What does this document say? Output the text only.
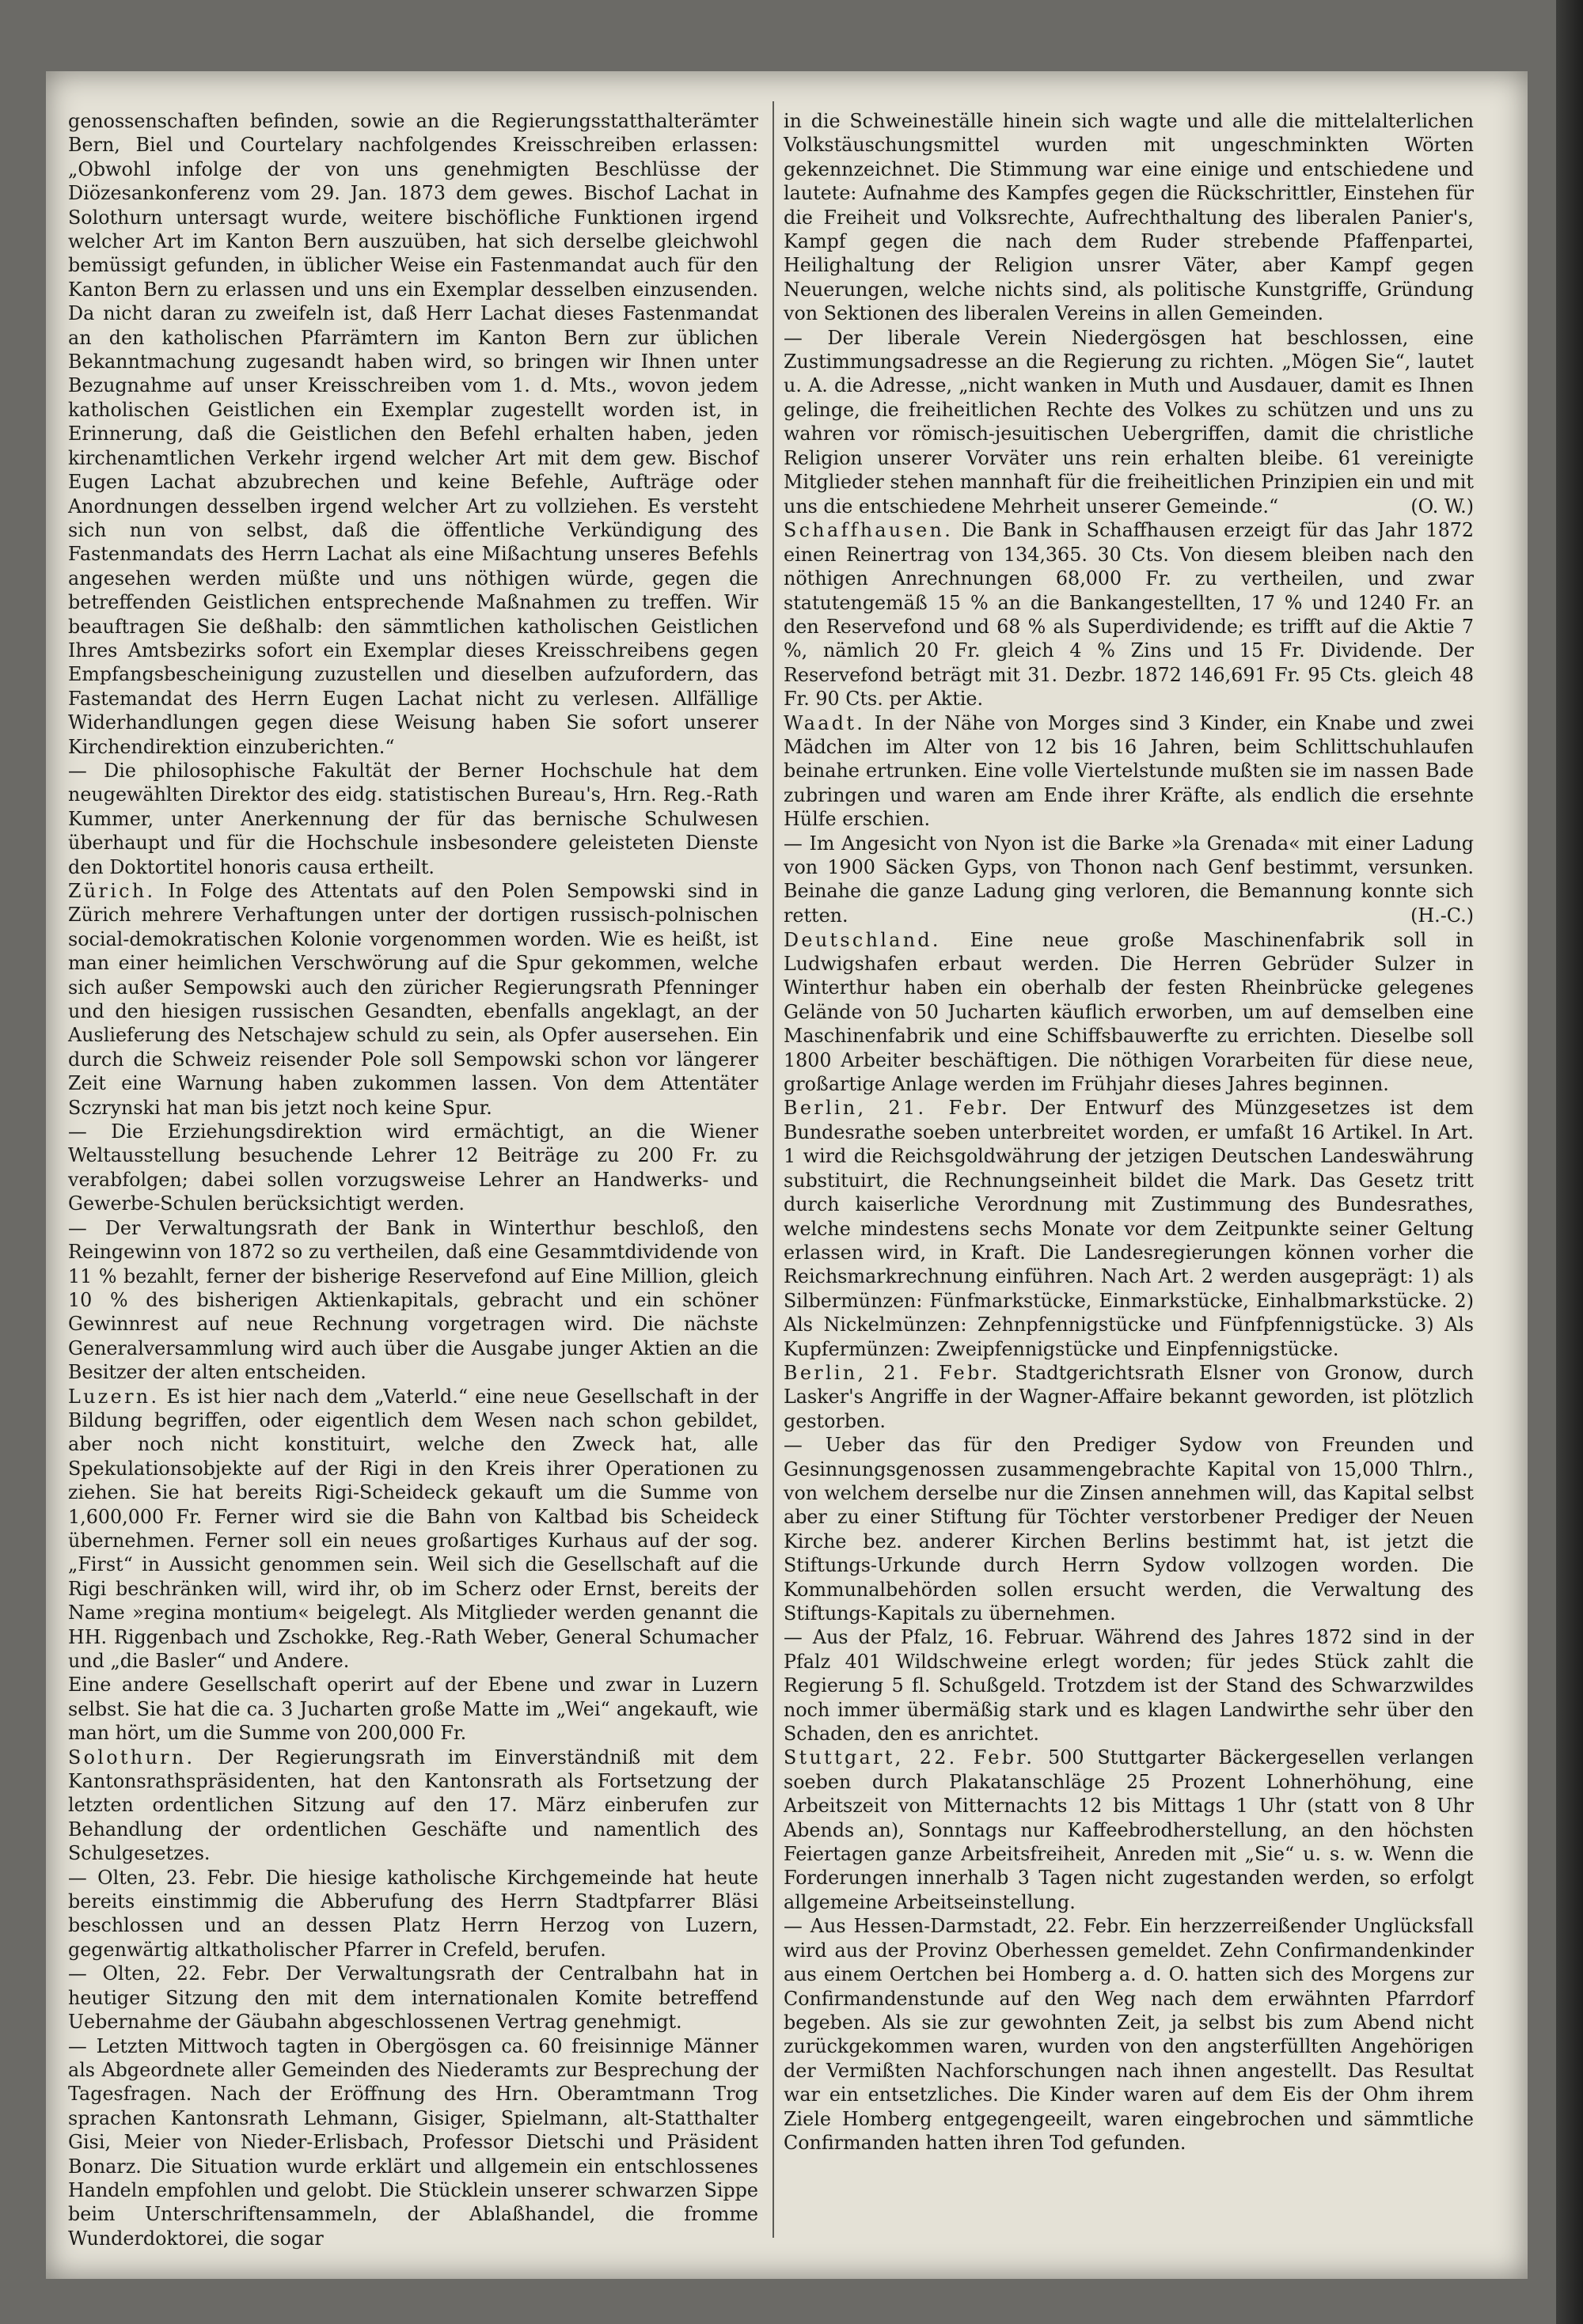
genossenschaften befinden, sowie an die Regierungsstatthalterämter Bern, Biel und Courtelary nachfolgendes Kreisschreiben erlassen: „Obwohl infolge der von uns genehmigten Beschlüsse der Diözesankonferenz vom 29. Jan. 1873 dem gewes. Bischof Lachat in Solothurn untersagt wurde, weitere bischöfliche Funktionen irgend welcher Art im Kanton Bern auszuüben, hat sich derselbe gleichwohl bemüssigt gefunden, in üblicher Weise ein Fastenmandat auch für den Kanton Bern zu erlassen und uns ein Exemplar desselben einzusenden. Da nicht daran zu zweifeln ist, daß Herr Lachat dieses Fastenmandat an den katholischen Pfarrämtern im Kanton Bern zur üblichen Bekanntmachung zugesandt haben wird, so bringen wir Ihnen unter Bezugnahme auf unser Kreisschreiben vom 1. d. Mts., wovon jedem katholischen Geistlichen ein Exemplar zugestellt worden ist, in Erinnerung, daß die Geistlichen den Befehl erhalten haben, jeden kirchenamtlichen Verkehr irgend welcher Art mit dem gew. Bischof Eugen Lachat abzubrechen und keine Befehle, Aufträge oder Anordnungen desselben irgend welcher Art zu vollziehen. Es versteht sich nun von selbst, daß die öffentliche Verkündigung des Fastenmandats des Herrn Lachat als eine Mißachtung unseres Befehls angesehen werden müßte und uns nöthigen würde, gegen die betreffenden Geistlichen entsprechende Maßnahmen zu treffen. Wir beauftragen Sie deßhalb: den sämmtlichen katholischen Geistlichen Ihres Amtsbezirks sofort ein Exemplar dieses Kreisschreibens gegen Empfangsbescheinigung zuzustellen und dieselben aufzufordern, das Fastemandat des Herrn Eugen Lachat nicht zu verlesen. Allfällige Widerhandlungen gegen diese Weisung haben Sie sofort unserer Kirchendirektion einzuberichten.“

— Die philosophische Fakultät der Berner Hochschule hat dem neugewählten Direktor des eidg. statistischen Bureau's, Hrn. Reg.-Rath Kummer, unter Anerkennung der für das bernische Schulwesen überhaupt und für die Hochschule insbesondere geleisteten Dienste den Doktortitel honoris causa ertheilt.

Zürich. In Folge des Attentats auf den Polen Sempowski sind in Zürich mehrere Verhaftungen unter der dortigen russisch-polnischen social-demokratischen Kolonie vorgenommen worden. Wie es heißt, ist man einer heimlichen Verschwörung auf die Spur gekommen, welche sich außer Sempowski auch den züricher Regierungsrath Pfenninger und den hiesigen russischen Gesandten, ebenfalls angeklagt, an der Auslieferung des Netschajew schuld zu sein, als Opfer ausersehen. Ein durch die Schweiz reisender Pole soll Sempowski schon vor längerer Zeit eine Warnung haben zukommen lassen. Von dem Attentäter Sczrynski hat man bis jetzt noch keine Spur.

— Die Erziehungsdirektion wird ermächtigt, an die Wiener Weltausstellung besuchende Lehrer 12 Beiträge zu 200 Fr. zu verabfolgen; dabei sollen vorzugsweise Lehrer an Handwerks- und Gewerbe-Schulen berücksichtigt werden.

— Der Verwaltungsrath der Bank in Winterthur beschloß, den Reingewinn von 1872 so zu vertheilen, daß eine Gesammtdividende von 11 % bezahlt, ferner der bisherige Reservefond auf Eine Million, gleich 10 % des bisherigen Aktienkapitals, gebracht und ein schöner Gewinnrest auf neue Rechnung vorgetragen wird. Die nächste Generalversammlung wird auch über die Ausgabe junger Aktien an die Besitzer der alten entscheiden.

Luzern. Es ist hier nach dem „Vaterld.“ eine neue Gesellschaft in der Bildung begriffen, oder eigentlich dem Wesen nach schon gebildet, aber noch nicht konstituirt, welche den Zweck hat, alle Spekulationsobjekte auf der Rigi in den Kreis ihrer Operationen zu ziehen. Sie hat bereits Rigi-Scheideck gekauft um die Summe von 1,600,000 Fr. Ferner wird sie die Bahn von Kaltbad bis Scheideck übernehmen. Ferner soll ein neues großartiges Kurhaus auf der sog. „First“ in Aussicht genommen sein. Weil sich die Gesellschaft auf die Rigi beschränken will, wird ihr, ob im Scherz oder Ernst, bereits der Name »regina montium« beigelegt. Als Mitglieder werden genannt die HH. Riggenbach und Zschokke, Reg.-Rath Weber, General Schumacher und „die Basler“ und Andere.

Eine andere Gesellschaft operirt auf der Ebene und zwar in Luzern selbst. Sie hat die ca. 3 Jucharten große Matte im „Wei“ angekauft, wie man hört, um die Summe von 200,000 Fr.

Solothurn. Der Regierungsrath im Einverständniß mit dem Kantonsrathspräsidenten, hat den Kantonsrath als Fortsetzung der letzten ordentlichen Sitzung auf den 17. März einberufen zur Behandlung der ordentlichen Geschäfte und namentlich des Schulgesetzes.

— Olten, 23. Febr. Die hiesige katholische Kirchgemeinde hat heute bereits einstimmig die Abberufung des Herrn Stadtpfarrer Bläsi beschlossen und an dessen Platz Herrn Herzog von Luzern, gegenwärtig altkatholischer Pfarrer in Crefeld, berufen.

— Olten, 22. Febr. Der Verwaltungsrath der Centralbahn hat in heutiger Sitzung den mit dem internationalen Komite betreffend Uebernahme der Gäubahn abgeschlossenen Vertrag genehmigt.

— Letzten Mittwoch tagten in Obergösgen ca. 60 freisinnige Männer als Abgeordnete aller Gemeinden des Niederamts zur Besprechung der Tagesfragen. Nach der Eröffnung des Hrn. Oberamtmann Trog sprachen Kantonsrath Lehmann, Gisiger, Spielmann, alt-Statthalter Gisi, Meier von Nieder-Erlisbach, Professor Dietschi und Präsident Bonarz. Die Situation wurde erklärt und allgemein ein entschlossenes Handeln empfohlen und gelobt. Die Stücklein unserer schwarzen Sippe beim Unterschriftensammeln, der Ablaßhandel, die fromme Wunderdoktorei, die sogar

in die Schweineställe hinein sich wagte und alle die mittelalterlichen Volkstäuschungsmittel wurden mit ungeschminkten Wörten gekennzeichnet. Die Stimmung war eine einige und entschiedene und lautete: Aufnahme des Kampfes gegen die Rückschrittler, Einstehen für die Freiheit und Volksrechte, Aufrechthaltung des liberalen Panier's, Kampf gegen die nach dem Ruder strebende Pfaffenpartei, Heilighaltung der Religion unsrer Väter, aber Kampf gegen Neuerungen, welche nichts sind, als politische Kunstgriffe, Gründung von Sektionen des liberalen Vereins in allen Gemeinden.

— Der liberale Verein Niedergösgen hat beschlossen, eine Zustimmungsadresse an die Regierung zu richten. „Mögen Sie“, lautet u. A. die Adresse, „nicht wanken in Muth und Ausdauer, damit es Ihnen gelinge, die freiheitlichen Rechte des Volkes zu schützen und uns zu wahren vor römisch-jesuitischen Uebergriffen, damit die christliche Religion unserer Vorväter uns rein erhalten bleibe. 61 vereinigte Mitglieder stehen mannhaft für die freiheitlichen Prinzipien ein und mit uns die entschiedene Mehrheit unserer Gemeinde.“	(O. W.)

Schaffhausen. Die Bank in Schaffhausen erzeigt für das Jahr 1872 einen Reinertrag von 134,365. 30 Cts. Von diesem bleiben nach den nöthigen Anrechnungen 68,000 Fr. zu vertheilen, und zwar statutengemäß 15 % an die Bankangestellten, 17 % und 1240 Fr. an den Reservefond und 68 % als Superdividende; es trifft auf die Aktie 7 %, nämlich 20 Fr. gleich 4 % Zins und 15 Fr. Dividende. Der Reservefond beträgt mit 31. Dezbr. 1872 146,691 Fr. 95 Cts. gleich 48 Fr. 90 Cts. per Aktie.

Waadt. In der Nähe von Morges sind 3 Kinder, ein Knabe und zwei Mädchen im Alter von 12 bis 16 Jahren, beim Schlittschuhlaufen beinahe ertrunken. Eine volle Viertelstunde mußten sie im nassen Bade zubringen und waren am Ende ihrer Kräfte, als endlich die ersehnte Hülfe erschien.

— Im Angesicht von Nyon ist die Barke »la Grenada« mit einer Ladung von 1900 Säcken Gyps, von Thonon nach Genf bestimmt, versunken. Beinahe die ganze Ladung ging verloren, die Bemannung konnte sich retten.	(H.-C.)

Deutschland. Eine neue große Maschinenfabrik soll in Ludwigshafen erbaut werden. Die Herren Gebrüder Sulzer in Winterthur haben ein oberhalb der festen Rheinbrücke gelegenes Gelände von 50 Jucharten käuflich erworben, um auf demselben eine Maschinenfabrik und eine Schiffsbauwerfte zu errichten. Dieselbe soll 1800 Arbeiter beschäftigen. Die nöthigen Vorarbeiten für diese neue, großartige Anlage werden im Frühjahr dieses Jahres beginnen.

Berlin, 21. Febr. Der Entwurf des Münzgesetzes ist dem Bundesrathe soeben unterbreitet worden, er umfaßt 16 Artikel. In Art. 1 wird die Reichsgoldwährung der jetzigen Deutschen Landeswährung substituirt, die Rechnungseinheit bildet die Mark. Das Gesetz tritt durch kaiserliche Verordnung mit Zustimmung des Bundesrathes, welche mindestens sechs Monate vor dem Zeitpunkte seiner Geltung erlassen wird, in Kraft. Die Landesregierungen können vorher die Reichsmarkrechnung einführen. Nach Art. 2 werden ausgeprägt: 1) als Silbermünzen: Fünfmarkstücke, Einmarkstücke, Einhalbmarkstücke. 2) Als Nickelmünzen: Zehnpfennigstücke und Fünfpfennigstücke. 3) Als Kupfermünzen: Zweipfennigstücke und Einpfennigstücke.

Berlin, 21. Febr. Stadtgerichtsrath Elsner von Gronow, durch Lasker's Angriffe in der Wagner-Affaire bekannt geworden, ist plötzlich gestorben.

— Ueber das für den Prediger Sydow von Freunden und Gesinnungsgenossen zusammengebrachte Kapital von 15,000 Thlrn., von welchem derselbe nur die Zinsen annehmen will, das Kapital selbst aber zu einer Stiftung für Töchter verstorbener Prediger der Neuen Kirche bez. anderer Kirchen Berlins bestimmt hat, ist jetzt die Stiftungs-Urkunde durch Herrn Sydow vollzogen worden. Die Kommunalbehörden sollen ersucht werden, die Verwaltung des Stiftungs-Kapitals zu übernehmen.

— Aus der Pfalz, 16. Februar. Während des Jahres 1872 sind in der Pfalz 401 Wildschweine erlegt worden; für jedes Stück zahlt die Regierung 5 fl. Schußgeld. Trotzdem ist der Stand des Schwarzwildes noch immer übermäßig stark und es klagen Landwirthe sehr über den Schaden, den es anrichtet.

Stuttgart, 22. Febr. 500 Stuttgarter Bäckergesellen verlangen soeben durch Plakatanschläge 25 Prozent Lohnerhöhung, eine Arbeitszeit von Mitternachts 12 bis Mittags 1 Uhr (statt von 8 Uhr Abends an), Sonntags nur Kaffeebrodherstellung, an den höchsten Feiertagen ganze Arbeitsfreiheit, Anreden mit „Sie“ u. s. w. Wenn die Forderungen innerhalb 3 Tagen nicht zugestanden werden, so erfolgt allgemeine Arbeitseinstellung.

— Aus Hessen-Darmstadt, 22. Febr. Ein herzzerreißender Unglücksfall wird aus der Provinz Oberhessen gemeldet. Zehn Confirmandenkinder aus einem Oertchen bei Homberg a. d. O. hatten sich des Morgens zur Confirmandenstunde auf den Weg nach dem erwähnten Pfarrdorf begeben. Als sie zur gewohnten Zeit, ja selbst bis zum Abend nicht zurückgekommen waren, wurden von den angsterfüllten Angehörigen der Vermißten Nachforschungen nach ihnen angestellt. Das Resultat war ein entsetzliches. Die Kinder waren auf dem Eis der Ohm ihrem Ziele Homberg entgegengeeilt, waren eingebrochen und sämmtliche Confirmanden hatten ihren Tod gefunden.
